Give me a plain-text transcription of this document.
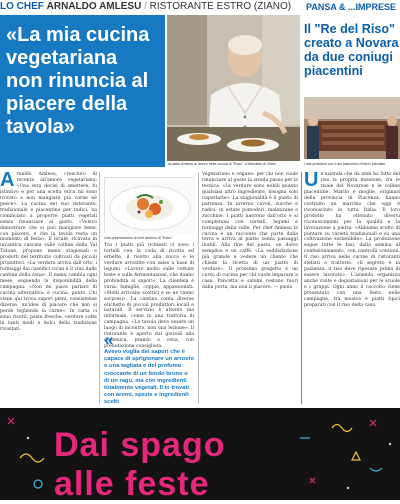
LO CHEF ARNALDO AMLESU / RISTORANTE ESTRO (ZIANO)	PANSA & ...IMPRESE
«La mia cucina vegetariana non rinuncia al piacere della tavola»
Arnaldo Amlesu al lavoro nella cucina di "Estro" a Mandello di Ziano
Il "Re del Riso" creato a Novara da due coniugi piacentini
I due produttori con il riso piacentino «Estro» premiato
A rnaldo Amlesu, cresciuto di recente all'amore vegetariano: «Una sera decisi di smettere, fu istintivo e per una scelta etica mi sono trovato a non mangiare più carne né pesce». La cucina del suo ristorante, tradizionale e piacentina per radici, ha cominciato a proporre piatti vegetali senza rinunciare al gusto. «Volevo dimostrare che si può mangiare bene, con piacere, e che la tavola resta un momento di festa». Il locale, ricavato in un'antica cascina sulle colline della Val Tidone, propone menu stagionali e prodotti del territorio coltivati da piccoli produttori. «La verdura arriva dall'orto, i formaggi dai caseifici vicini e il vino dalle cantine della zona». Il menu cambia ogni mese, seguendo la disponibilità della campagna. «Non mi piace parlare di cucina alternativa: è cucina, punto. Chi viene qui trova sapori pieni, consistenze diverse, un'idea di piacere che non si perde togliendo la carne». In carta ci sono risotti, paste fresche, verdure cotte in tanti modi e dolci della tradizione rivisitati.
Una preparazione di chef Amlesu di "Estro"
Tra i piatti più richiesti ci sono i tortelli con la coda di ricotta ed erbette, il risotto alla zucca e le verdure arrostite con salse a base di legumi. «Lavoro molto sulle cotture lente e sulle fermentazioni, che danno profondità ai sapori». La clientela è varia: famiglie, coppie, appassionati. «Molti arrivano scettici e se ne vanno sorpresi». La cantina conta diverse etichette di piccoli produttori locali e naturali. Il servizio è attento ma informale, come in una trattoria di campagna. «La tavola deve essere un luogo di incontro, non una lezione». Il ristorante è aperto dal giovedì alla domenica, pranzo e cena, con prenotazione consigliata.
«
Avevo voglia dei sapori che è capace di sprigionare un arrosto o una tagliata e del profumo croccante di un fondo bruno o di un ragù, ma con ingredienti totalmente vegetali. Il lo trovati con aromi, spezie e ingredienti scelti
Vegetariano e vegano: per chi non vuole rinunciare al gusto la strada passa per la tecnica. «Le verdure sono nobili quanto qualsiasi altro ingrediente, bisogna solo rispettarle». La stagionalità è il punto di partenza. In inverno cavoli, zucche e radici; in estate pomodori, melanzane e zucchine. I piatti nascono dall'orto e si completano con cereali, legumi e formaggi della valle. Per chef Amlesu la cucina è un racconto che parte dalla terra e arriva al piatto senza passaggi inutili. Alla fine del pasto, un dolce semplice e un caffè. «La soddisfazione più grande è vedere un cliente che chiede la ricetta di un piatto di verdure». Il prossimo progetto è un corso di cucina per chi vuole imparare a casa. Pancetta e salumi restano fuori dalla porta, ma non il piacere. — paolo
U n'azienda che da anni ha fatto del riso la propria missione, tra le risaie del Novarese e le colline piacentine. Marito e moglie, originari della provincia di Piacenza, hanno costruito un marchio che oggi è riconosciuto in tutta Italia. Il loro prodotto ha ottenuto diversi riconoscimenti per la qualità e la lavorazione a pietra. «Abbiamo scelto di puntare su varietà tradizionali e su una coltivazione sostenibile». La produzione segue tutte le fasi, dalla semina al confezionamento, con controlli continui. Il riso arriva nelle cucine di ristoranti stellati e trattorie. «Il segreto è la pazienza: il riso deve riposare prima di essere lavorato». L'azienda organizza anche visite e degustazioni per le scuole e i gruppi. Ogni anno il raccolto viene presentato con una festa nelle campagne, tra musica e piatti tipici preparati con il riso della casa.
Dai spago
alle feste
